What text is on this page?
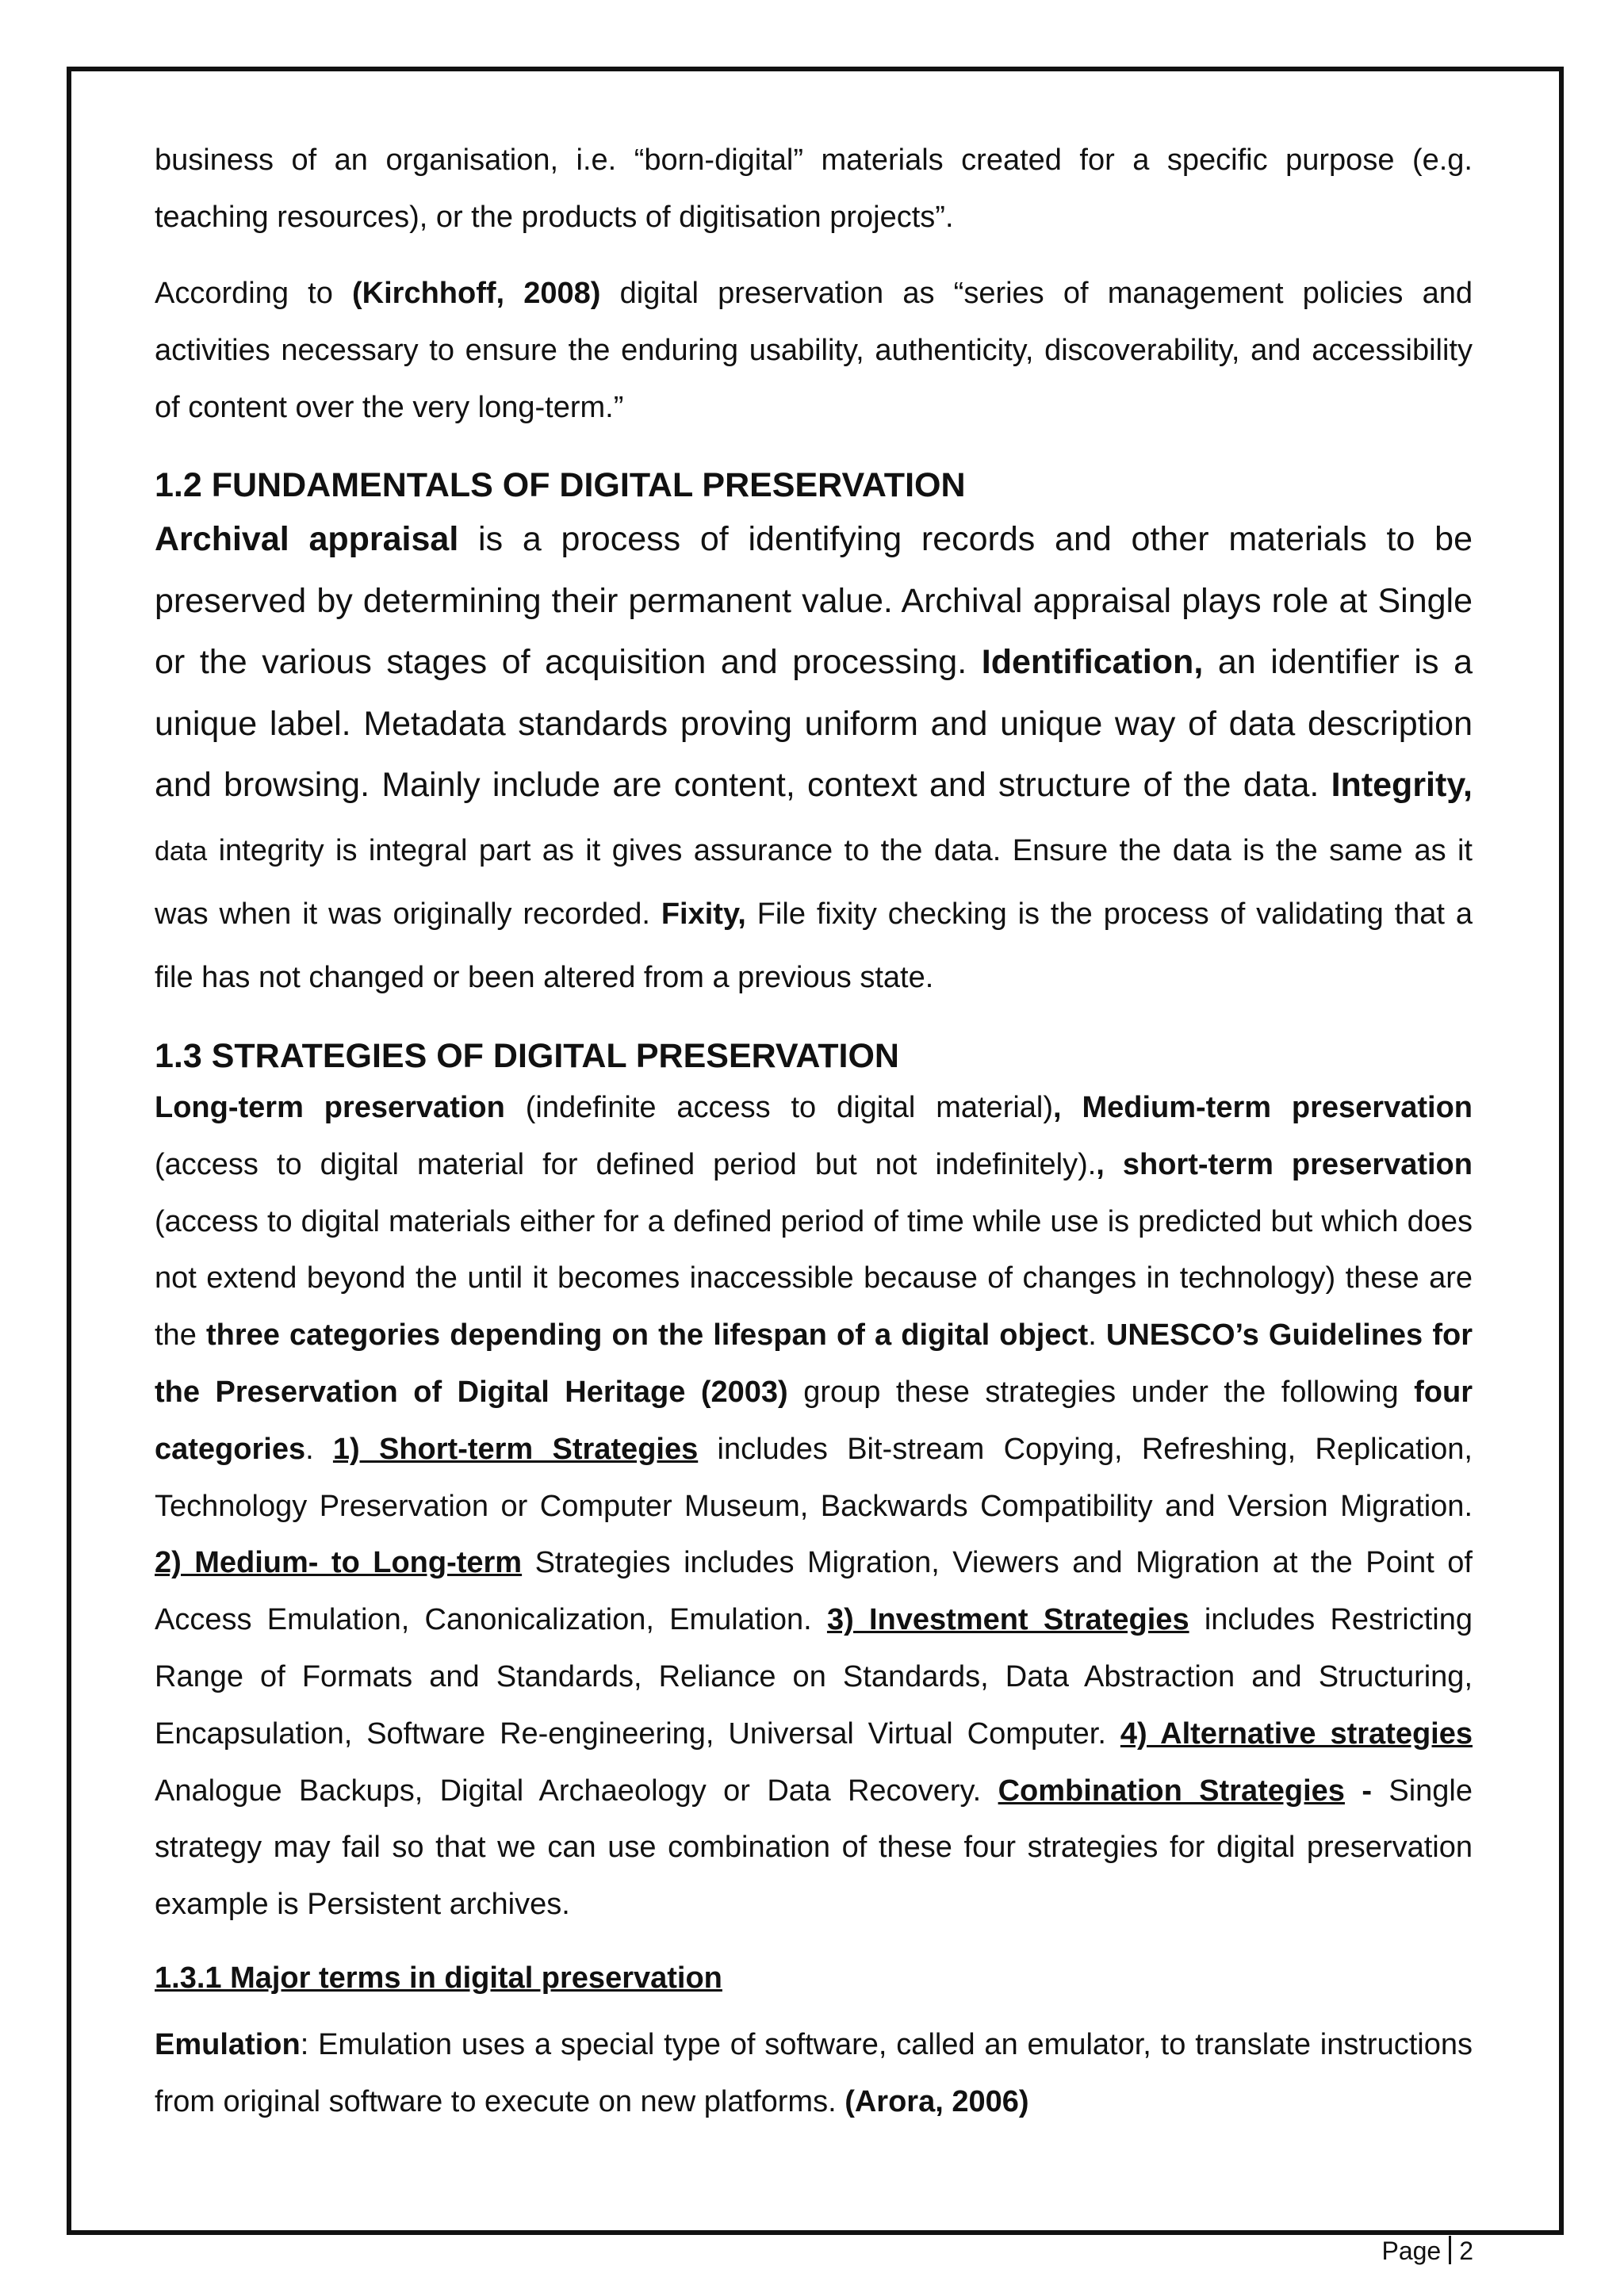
business of an organisation, i.e. “born-digital” materials created for a specific purpose (e.g. teaching resources), or the products of digitisation projects”.

According to (Kirchhoff, 2008) digital preservation as “series of management policies and activities necessary to ensure the enduring usability, authenticity, discoverability, and accessibility of content over the very long-term.”

1.2 FUNDAMENTALS OF DIGITAL PRESERVATION

Archival appraisal is a process of identifying records and other materials to be preserved by determining their permanent value. Archival appraisal plays role at Single or the various stages of acquisition and processing. Identification, an identifier is a unique label. Metadata standards proving uniform and unique way of data description and browsing. Mainly include are content, context and structure of the data. Integrity, data integrity is integral part as it gives assurance to the data. Ensure the data is the same as it was when it was originally recorded. Fixity, File fixity checking is the process of validating that a file has not changed or been altered from a previous state.

1.3 STRATEGIES OF DIGITAL PRESERVATION

Long-term preservation (indefinite access to digital material), Medium-term preservation (access to digital material for defined period but not indefinitely)., short-term preservation (access to digital materials either for a defined period of time while use is predicted but which does not extend beyond the until it becomes inaccessible because of changes in technology) these are the three categories depending on the lifespan of a digital object. UNESCO’s Guidelines for the Preservation of Digital Heritage (2003) group these strategies under the following four categories. 1) Short-term Strategies includes Bit-stream Copying, Refreshing, Replication, Technology Preservation or Computer Museum, Backwards Compatibility and Version Migration. 2) Medium- to Long-term Strategies includes Migration, Viewers and Migration at the Point of Access Emulation, Canonicalization, Emulation. 3) Investment Strategies includes Restricting Range of Formats and Standards, Reliance on Standards, Data Abstraction and Structuring, Encapsulation, Software Re-engineering, Universal Virtual Computer. 4) Alternative strategies Analogue Backups, Digital Archaeology or Data Recovery. Combination Strategies - Single strategy may fail so that we can use combination of these four strategies for digital preservation example is Persistent archives.

1.3.1 Major terms in digital preservation

Emulation: Emulation uses a special type of software, called an emulator, to translate instructions from original software to execute on new platforms. (Arora, 2006)

Page 2
